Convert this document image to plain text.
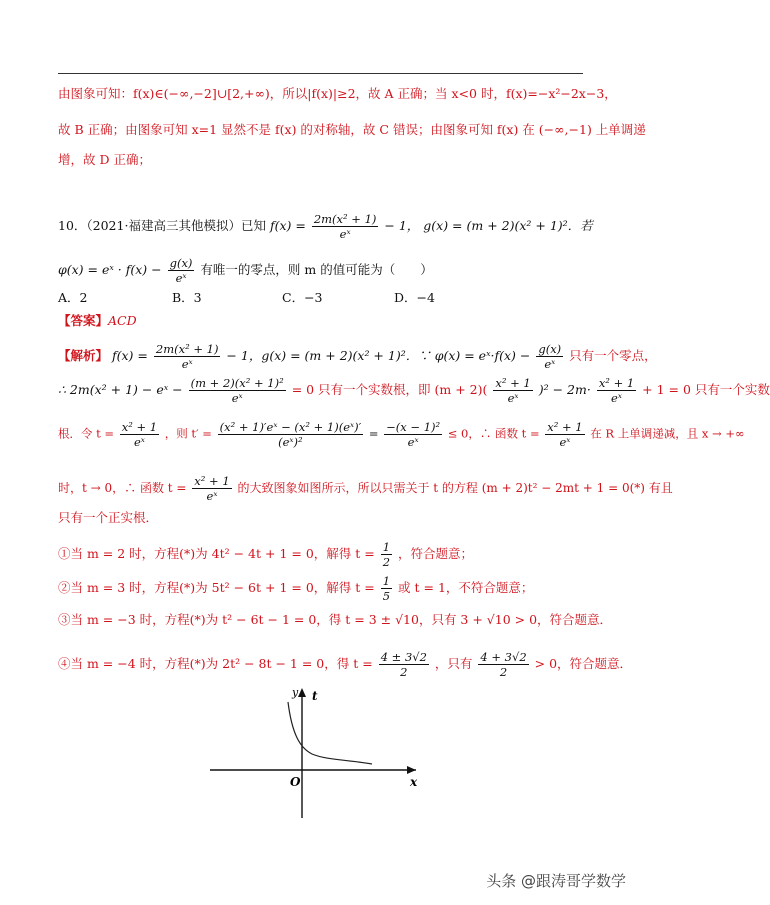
由图象可知：f(x)∈(−∞,−2]∪[2,+∞)，所以|f(x)|≥2，故 A 正确；当 x<0 时，f(x)=−x²−2x−3，
故 B 正确；由图象可知 x=1 显然不是 f(x) 的对称轴，故 C 错误；由图象可知 f(x) 在 (−∞,−1) 上单调递
增，故 D 正确；
10．（2021·福建高三其他模拟）已知 $f(x) = \frac{\text{2m(x² + 1)}}{\text{eˣ}} - 1$， g(x) = (m + 2)(x² + 1)²．若
φ(x) = eˣ · $f(x) - \frac{g(x)}{\text{eˣ}}$ 有唯一的零点，则 m 的值可能为（　　）
A．2	B．3	C．−3	D．−4
【答案】ACD
【解析】 $f(x) = \frac{\text{2m(x² + 1)}}{\text{eˣ}} - 1$，g(x) = (m + 2)(x² + 1)²．∵ φ(x) = eˣ·f(x) − $\frac{g(x)}{\text{eˣ}}$ 只有一个零点，
∴ 2m(x² + 1) − eˣ − $\frac{\text{(m + 2)(x² + 1)²}}{\text{eˣ}} = 0$ 只有一个实数根，即 $(m + 2)( \frac{\text{x² + 1}}{\text{eˣ}} )^2 - 2m\cdot \frac{\text{x² + 1}}{\text{eˣ}} + 1 = 0$ 只有一个实数
根．令 $t = \frac{\text{x² + 1}}{\text{eˣ}}$ ，则 $t' = \frac{\text{(x² + 1)′eˣ − (x² + 1)(eˣ)′}}{\text{(eˣ)²}} = \frac{\text{−(x − 1)²}}{\text{eˣ}} \le 0$，∴ 函数 $t = \frac{\text{x² + 1}}{\text{eˣ}}$ 在 R 上单调递减，且 x → +∞
时，t → 0，∴ 函数 $t = \frac{\text{x² + 1}}{\text{eˣ}}$ 的大致图象如图所示，所以只需关于 t 的方程 (m + 2)t² − 2mt + 1 = 0(*) 有且
只有一个正实根．
①当 m = 2 时，方程(*)为 4t² − 4t + 1 = 0，解得 $t = \frac{1}{2}$ ，符合题意；
②当 m = 3 时，方程(*)为 5t² − 6t + 1 = 0，解得 $t = \frac{1}{5}$ 或 t = 1，不符合题意；
③当 m = −3 时，方程(*)为 t² − 6t − 1 = 0，得 t = 3 ± √10，只有 3 + √10 > 0，符合题意．
④当 m = −4 时，方程(*)为 2t² − 8t − 1 = 0，得 $t = \frac{4 \pm 3√2}{2}$ ，只有 $\frac{4 + 3√2}{2} > 0$，符合题意．
y t
x
O
头条 @跟涛哥学数学
